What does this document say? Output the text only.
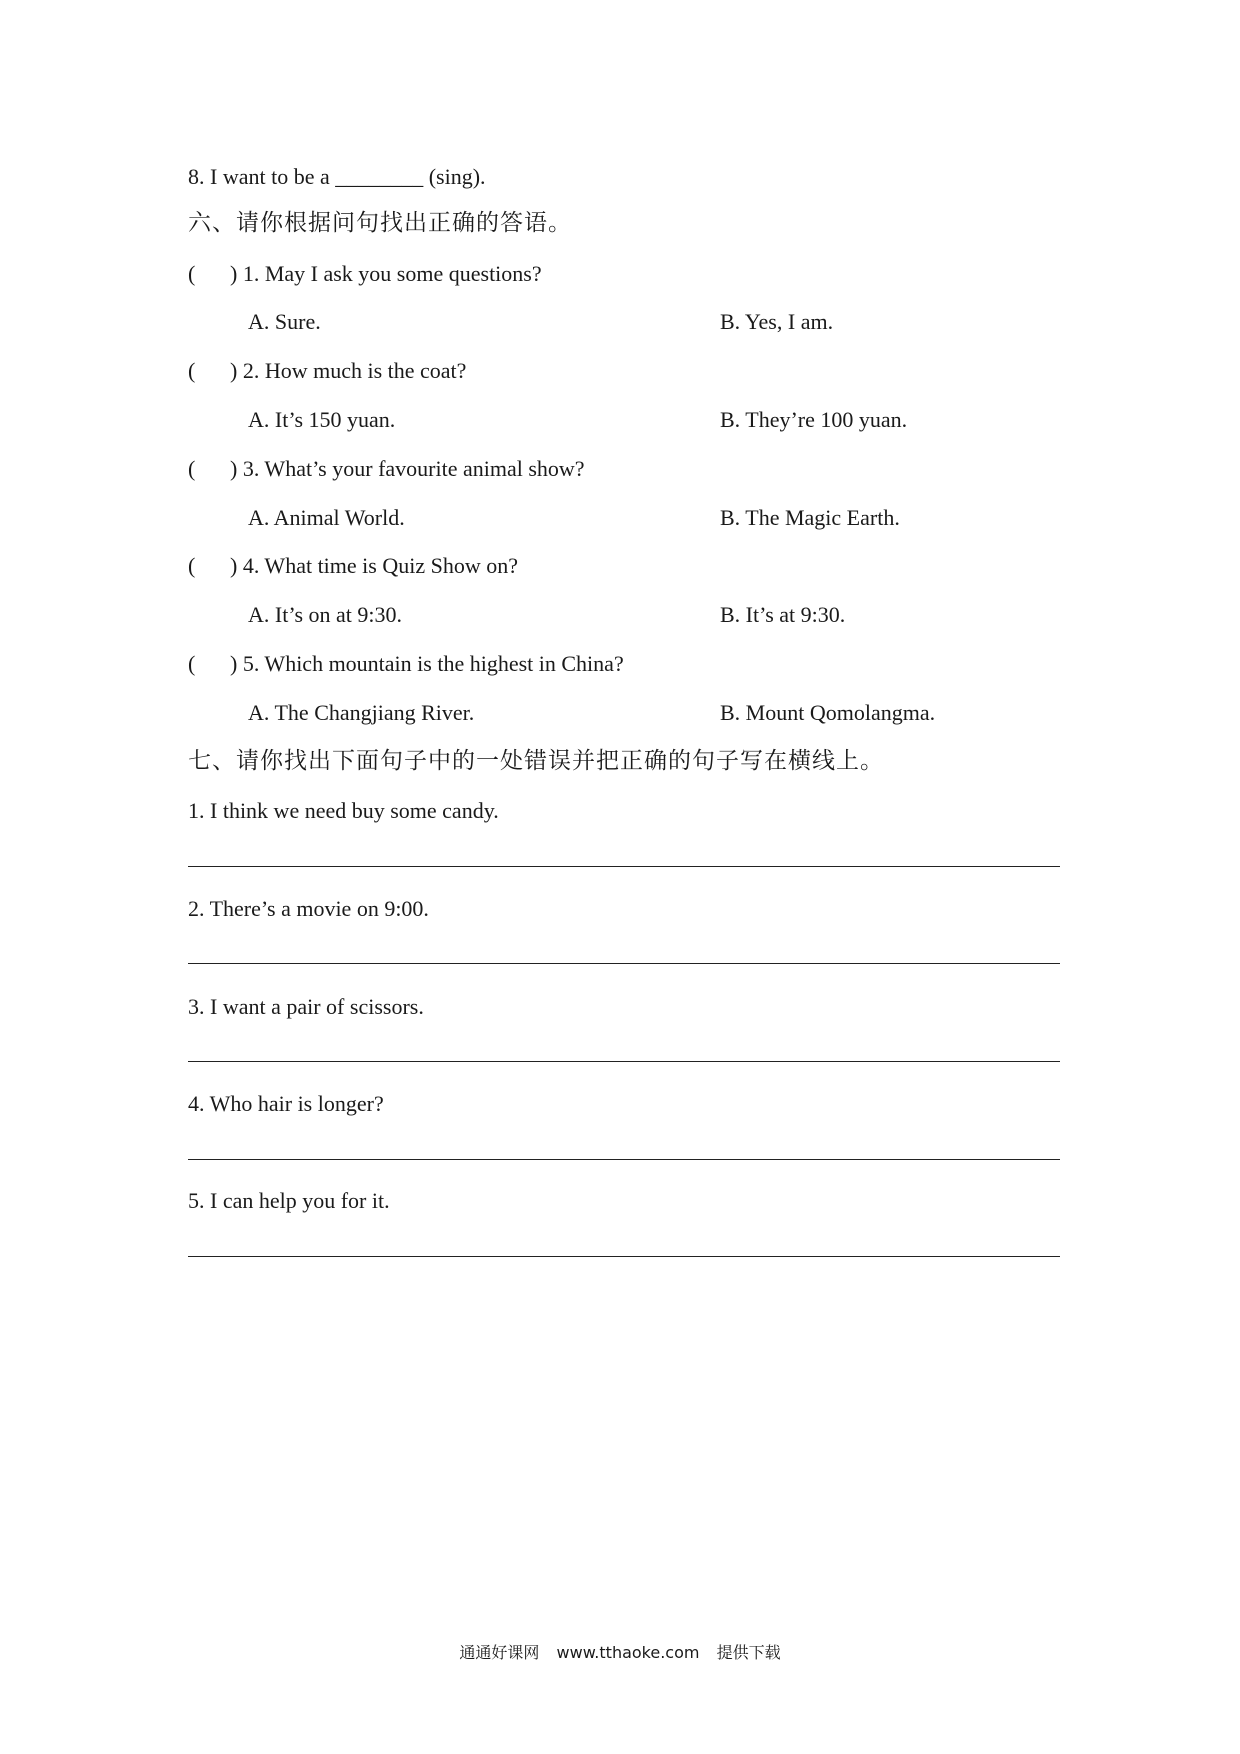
8. I want to be a ________ (sing).
六、请你根据问句找出正确的答语。
( ) 1. May I ask you some questions?
A. Sure.	B. Yes, I am.
( ) 2. How much is the coat?
A. It’s 150 yuan.	B. They’re 100 yuan.
( ) 3. What’s your favourite animal show?
A. Animal World.	B. The Magic Earth.
( ) 4. What time is Quiz Show on?
A. It’s on at 9:30.	B. It’s at 9:30.
( ) 5. Which mountain is the highest in China?
A. The Changjiang River.	B. Mount Qomolangma.
七、请你找出下面句子中的一处错误并把正确的句子写在横线上。
1. I think we need buy some candy.
2. There’s a movie on 9:00.
3. I want a pair of scissors.
4. Who hair is longer?
5. I can help you for it.
通通好课网 www.tthaoke.com 提供下载
